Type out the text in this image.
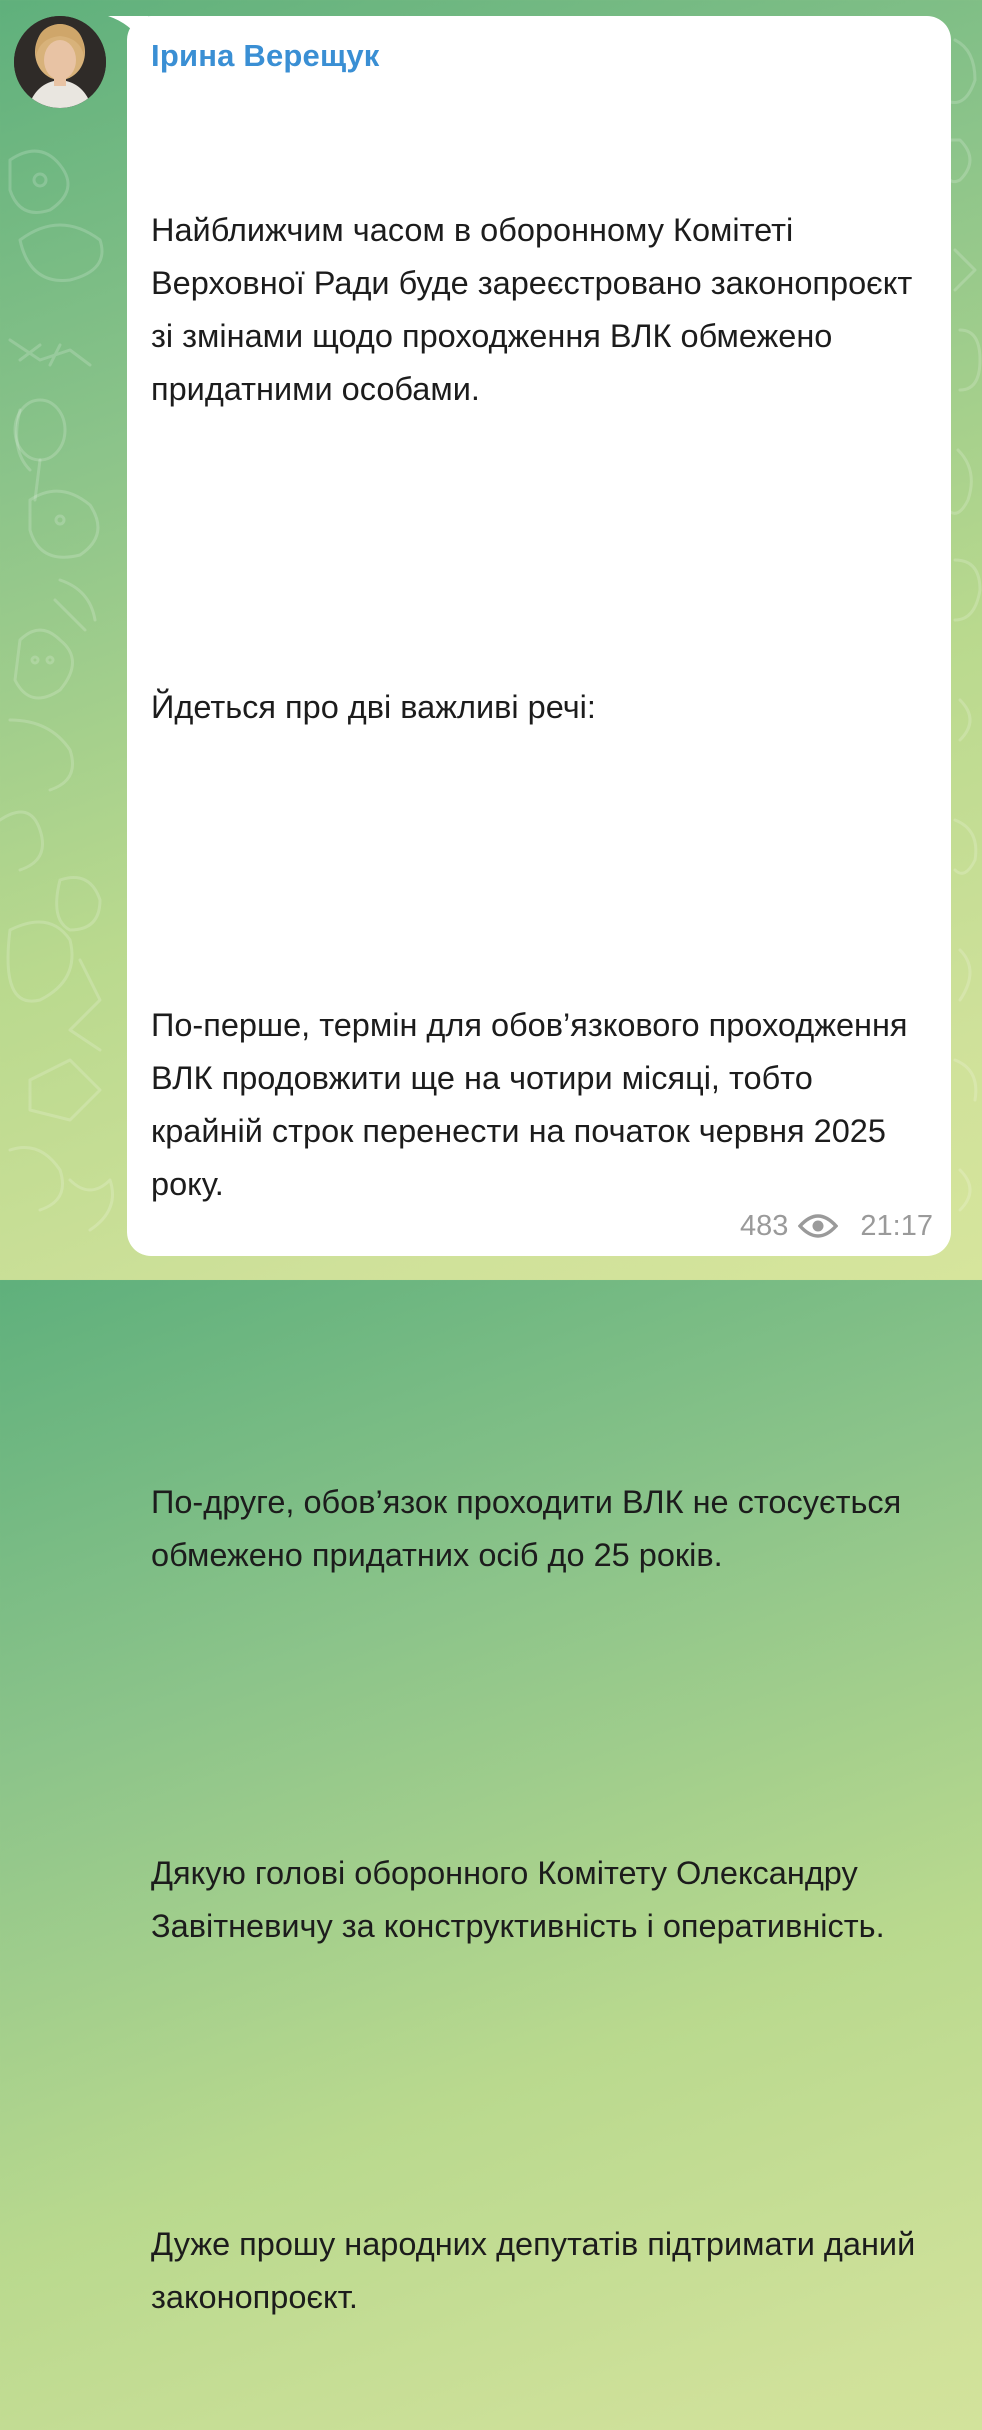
Ірина Верещук

Найближчим часом в оборонному Комітеті Верховної Ради буде зареєстровано законопроєкт зі змінами щодо проходження ВЛК обмежено придатними особами.

Йдеться про дві важливі речі:

По-перше, термін для обов’язкового проходження ВЛК продовжити ще на чотири місяці, тобто крайній строк перенести на початок червня 2025 року.

По-друге, обов’язок проходити ВЛК не стосується обмежено придатних осіб до 25 років.

Дякую голові оборонного Комітету Олександру Завітневичу за конструктивність і оперативність.

Дуже прошу народних депутатів підтримати даний законопроєкт.

483 21:17
